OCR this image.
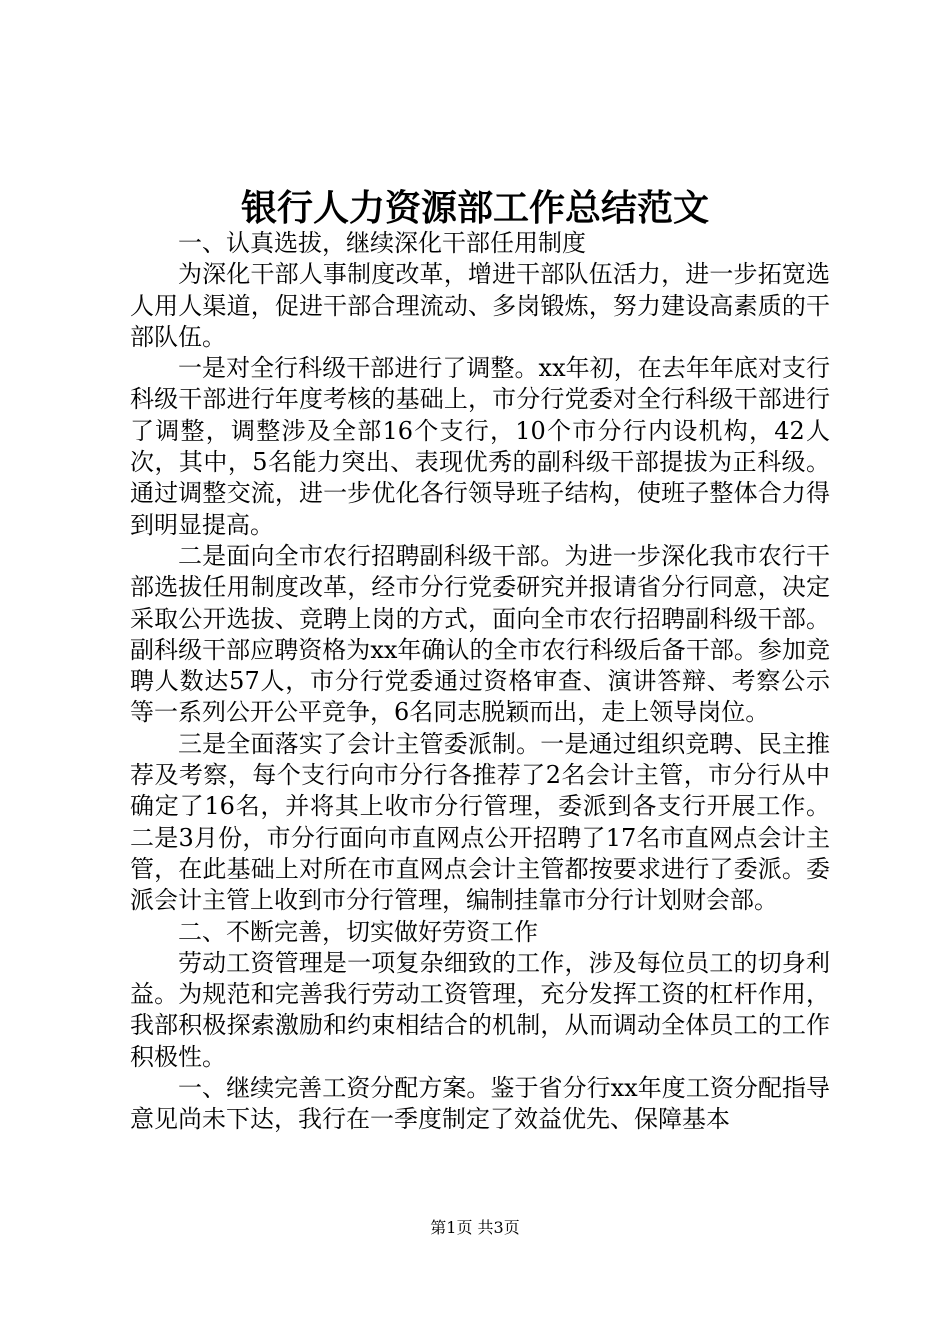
银行人力资源部工作总结范文

一、认真选拔，继续深化干部任用制度

为深化干部人事制度改革，增进干部队伍活力，进一步拓宽选人用人渠道，促进干部合理流动、多岗锻炼，努力建设高素质的干部队伍。

一是对全行科级干部进行了调整。xx年初，在去年年底对支行科级干部进行年度考核的基础上，市分行党委对全行科级干部进行了调整，调整涉及全部16个支行，10个市分行内设机构，42人次，其中，5名能力突出、表现优秀的副科级干部提拔为正科级。通过调整交流，进一步优化各行领导班子结构，使班子整体合力得到明显提高。

二是面向全市农行招聘副科级干部。为进一步深化我市农行干部选拔任用制度改革，经市分行党委研究并报请省分行同意，决定采取公开选拔、竞聘上岗的方式，面向全市农行招聘副科级干部。副科级干部应聘资格为xx年确认的全市农行科级后备干部。参加竞聘人数达57人，市分行党委通过资格审查、演讲答辩、考察公示等一系列公开公平竞争，6名同志脱颖而出，走上领导岗位。

三是全面落实了会计主管委派制。一是通过组织竞聘、民主推荐及考察，每个支行向市分行各推荐了2名会计主管，市分行从中确定了16名，并将其上收市分行管理，委派到各支行开展工作。二是3月份，市分行面向市直网点公开招聘了17名市直网点会计主管，在此基础上对所在市直网点会计主管都按要求进行了委派。委派会计主管上收到市分行管理，编制挂靠市分行计划财会部。

二、不断完善，切实做好劳资工作

劳动工资管理是一项复杂细致的工作，涉及每位员工的切身利益。为规范和完善我行劳动工资管理，充分发挥工资的杠杆作用，我部积极探索激励和约束相结合的机制，从而调动全体员工的工作积极性。

一、继续完善工资分配方案。鉴于省分行xx年度工资分配指导意见尚未下达，我行在一季度制定了效益优先、保障基本

第1页 共3页
